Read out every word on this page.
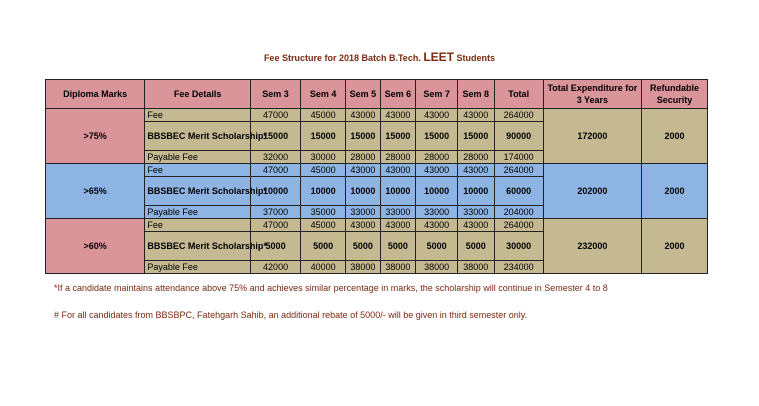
Fee Structure for 2018 Batch B.Tech. LEET Students
Diploma Marks	Fee Details	Sem 3	Sem 4	Sem 5	Sem 6	Sem 7	Sem 8	Total	Total Expenditure for 3 Years	Refundable Security
>75%	Fee	47000	45000	43000	43000	43000	43000	264000	172000	2000
	BBSBEC Merit Scholarship*	15000	15000	15000	15000	15000	15000	90000		
	Payable Fee	32000	30000	28000	28000	28000	28000	174000		
>65%	Fee	47000	45000	43000	43000	43000	43000	264000	202000	2000
	BBSBEC Merit Scholarship*	10000	10000	10000	10000	10000	10000	60000		
	Payable Fee	37000	35000	33000	33000	33000	33000	204000		
>60%	Fee	47000	45000	43000	43000	43000	43000	264000	232000	2000
	BBSBEC Merit Scholarship*	5000	5000	5000	5000	5000	5000	30000		
	Payable Fee	42000	40000	38000	38000	38000	38000	234000		
*If a candidate maintains attendance above 75% and achieves similar percentage in marks, the scholarship will continue in Semester 4 to 8
# For all candidates from BBSBPC, Fatehgarh Sahib, an additional rebate of 5000/- will be given in third semester only.
